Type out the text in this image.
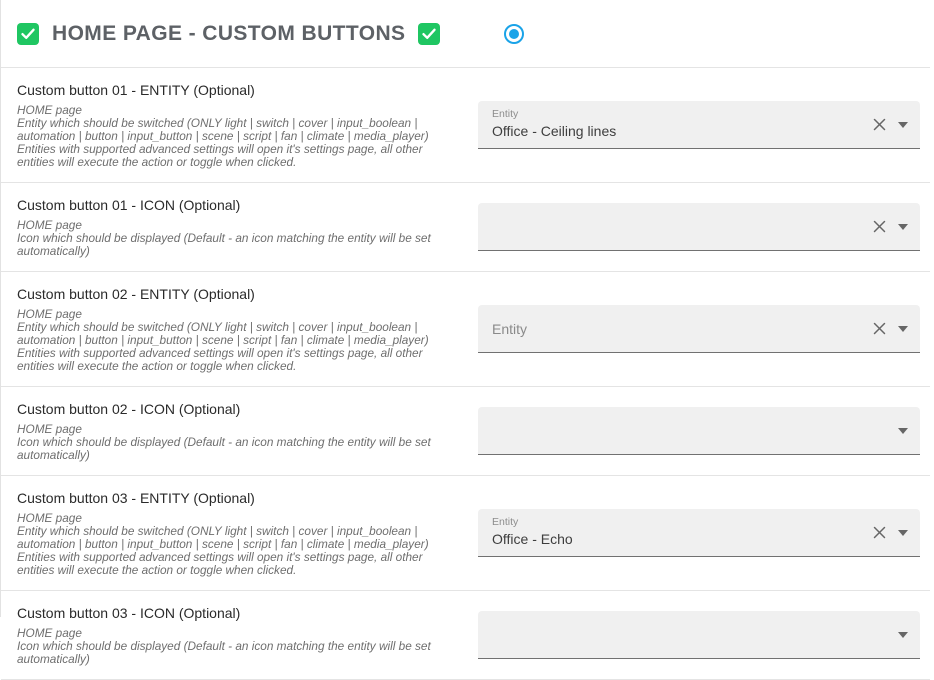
HOME PAGE - CUSTOM BUTTONS
Custom button 01 - ENTITY (Optional)

HOME page

Entity which should be switched (ONLY light | switch | cover | input_boolean | automation | button | input_button | scene | script | fan | climate | media_player)

Entities with supported advanced settings will open it's settings page, all other entities will execute the action or toggle when clicked.

Entity
Office - Ceiling lines
Custom button 01 - ICON (Optional)

HOME page

Icon which should be displayed (Default - an icon matching the entity will be set automatically)

Custom button 02 - ENTITY (Optional)

HOME page

Entity which should be switched (ONLY light | switch | cover | input_boolean | automation | button | input_button | scene | script | fan | climate | media_player)

Entities with supported advanced settings will open it's settings page, all other entities will execute the action or toggle when clicked.

Entity
Custom button 02 - ICON (Optional)

HOME page

Icon which should be displayed (Default - an icon matching the entity will be set automatically)

Custom button 03 - ENTITY (Optional)

HOME page

Entity which should be switched (ONLY light | switch | cover | input_boolean | automation | button | input_button | scene | script | fan | climate | media_player)

Entities with supported advanced settings will open it's settings page, all other entities will execute the action or toggle when clicked.

Entity
Office - Echo
Custom button 03 - ICON (Optional)

HOME page

Icon which should be displayed (Default - an icon matching the entity will be set automatically)
